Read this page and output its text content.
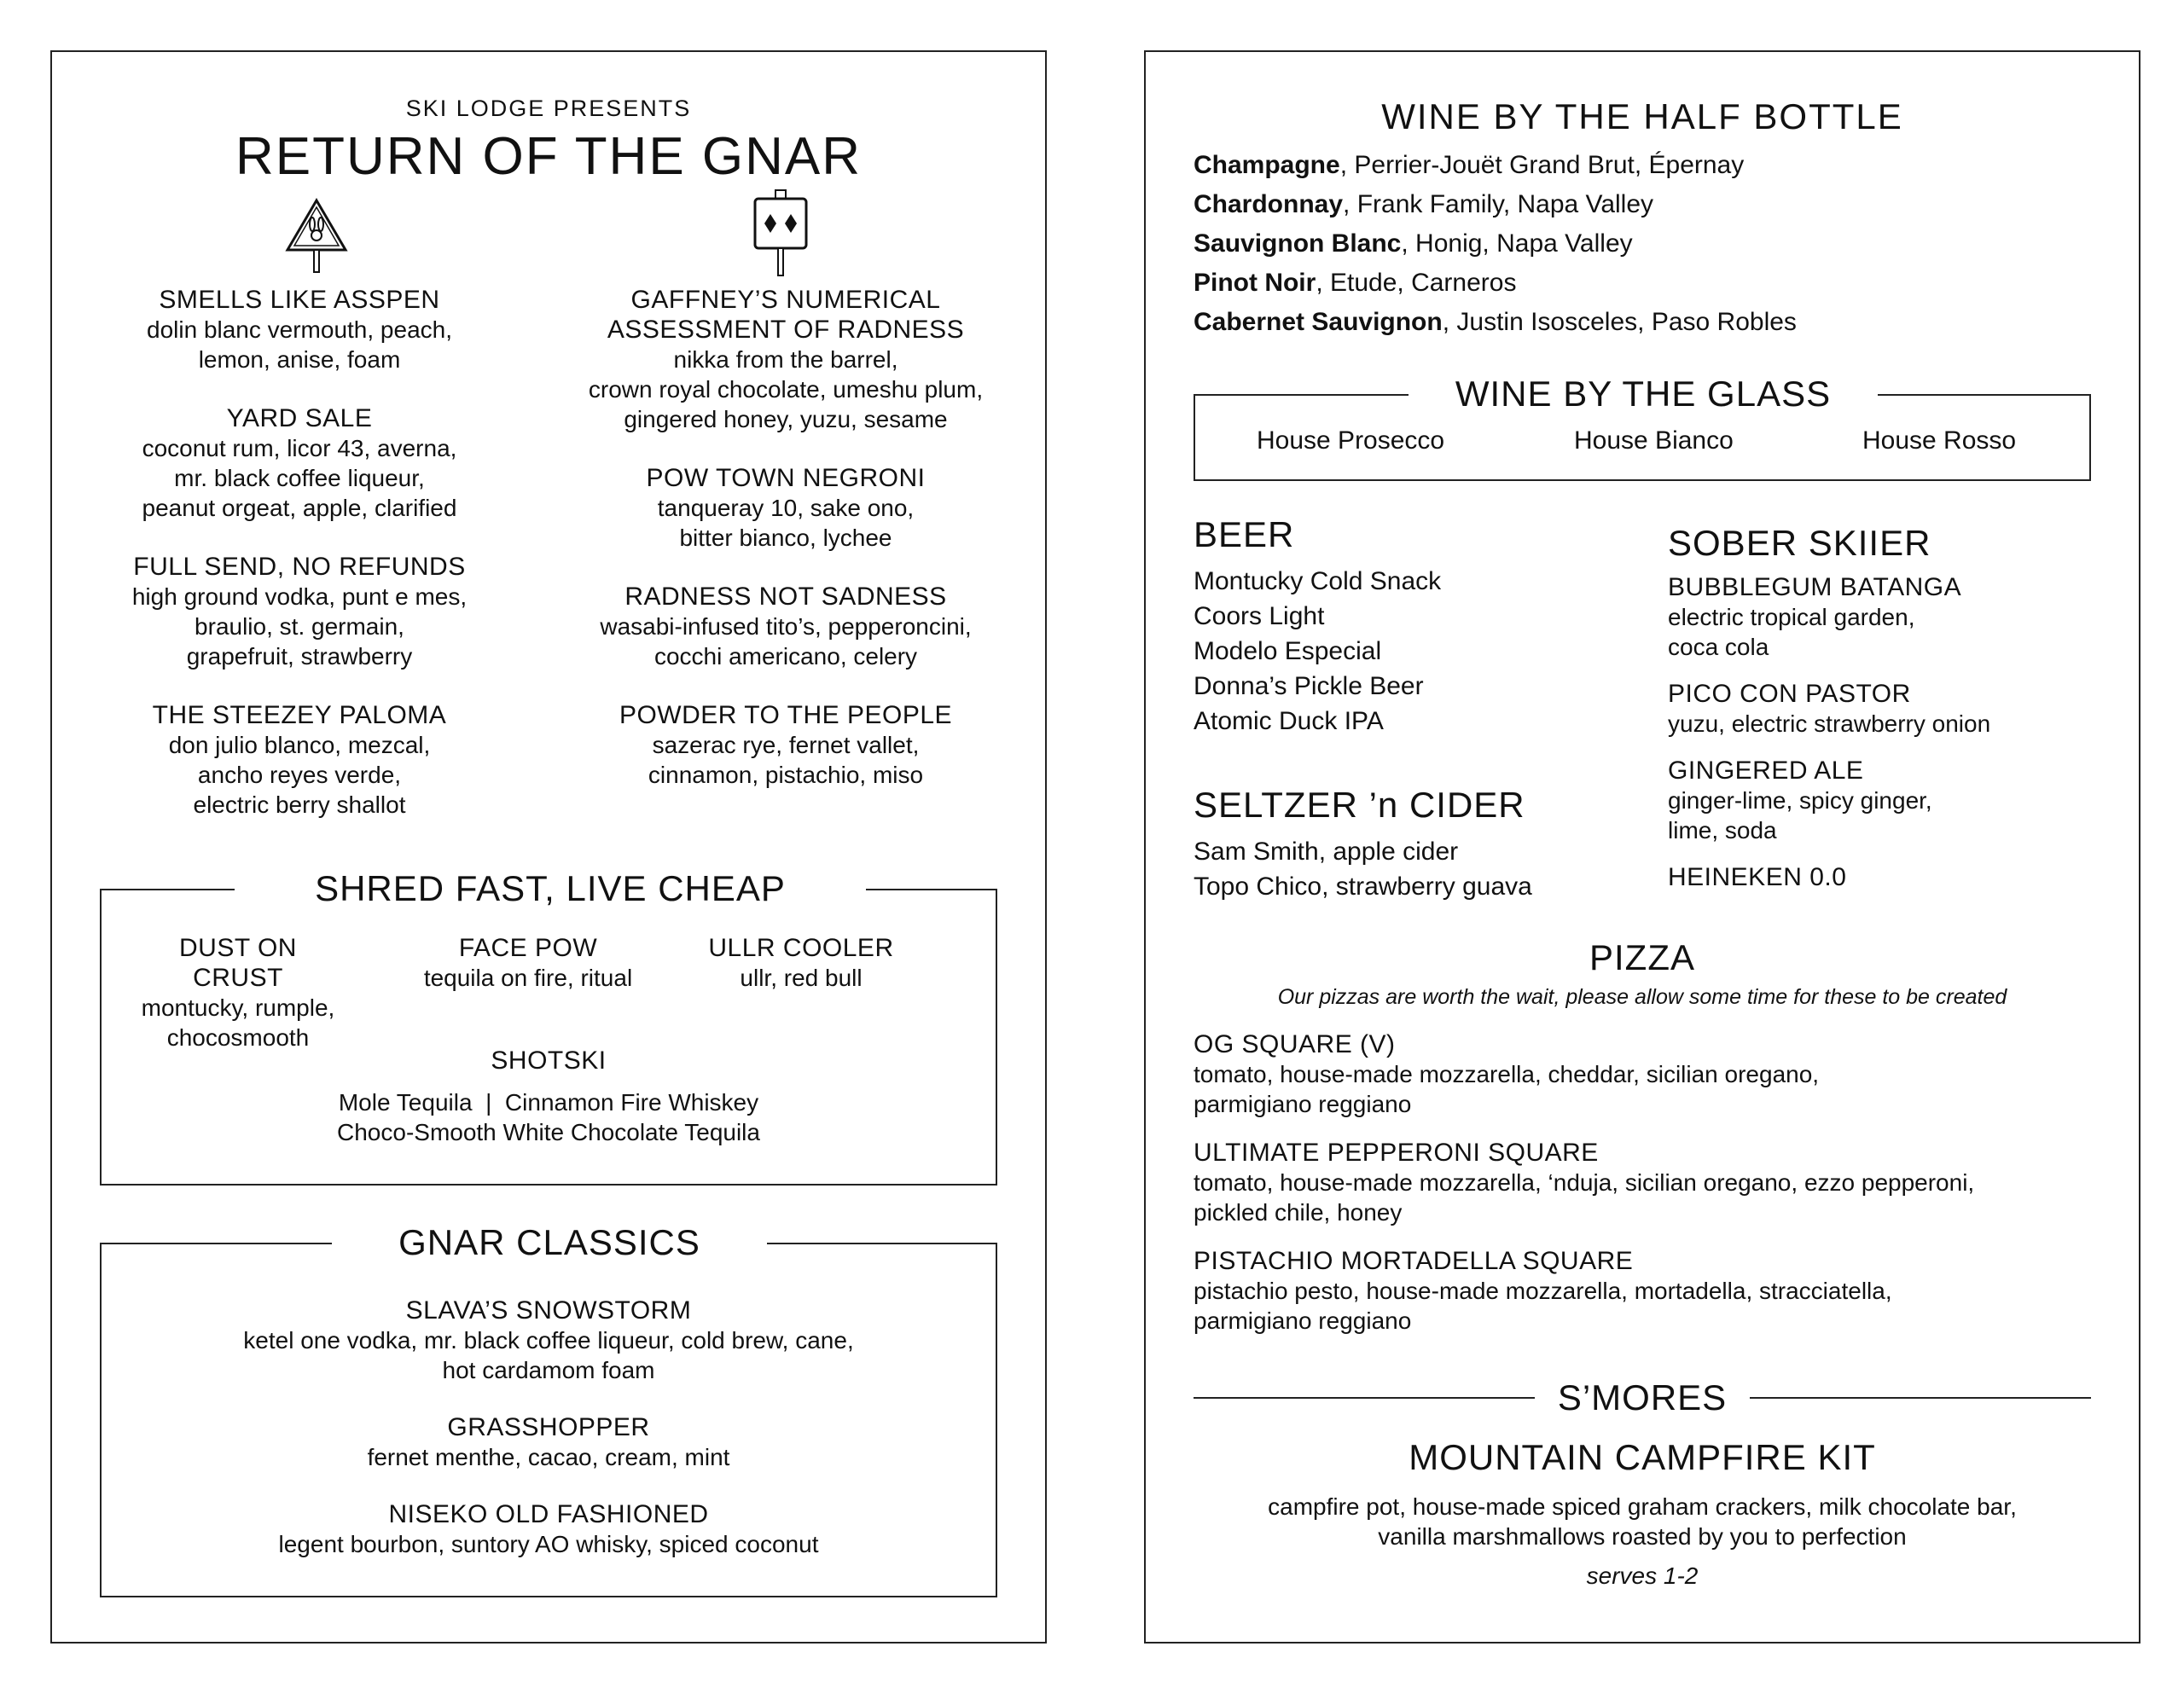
SKI LODGE PRESENTS
RETURN OF THE GNAR
SMELLS LIKE ASSPEN
dolin blanc vermouth, peach,
lemon, anise, foam
YARD SALE
coconut rum, licor 43, averna,
mr. black coffee liqueur,
peanut orgeat, apple, clarified
FULL SEND, NO REFUNDS
high ground vodka, punt e mes,
braulio, st. germain,
grapefruit, strawberry
THE STEEZEY PALOMA
don julio blanco, mezcal,
ancho reyes verde,
electric berry shallot
GAFFNEY’S NUMERICAL
ASSESSMENT OF RADNESS
nikka from the barrel,
crown royal chocolate, umeshu plum,
gingered honey, yuzu, sesame
POW TOWN NEGRONI
tanqueray 10, sake ono,
bitter bianco, lychee
RADNESS NOT SADNESS
wasabi-infused tito’s, pepperoncini,
cocchi americano, celery
POWDER TO THE PEOPLE
sazerac rye, fernet vallet,
cinnamon, pistachio, miso
SHRED FAST, LIVE CHEAP
DUST ON CRUST
montucky, rumple,
chocosmooth
FACE POW
tequila on fire, ritual
ULLR COOLER
ullr, red bull
SHOTSKI
Mole Tequila  |  Cinnamon Fire Whiskey
Choco-Smooth White Chocolate Tequila
GNAR CLASSICS
SLAVA’S SNOWSTORM
ketel one vodka, mr. black coffee liqueur, cold brew, cane,
hot cardamom foam
GRASSHOPPER
fernet menthe, cacao, cream, mint
NISEKO OLD FASHIONED
legent bourbon, suntory AO whisky, spiced coconut
WINE BY THE HALF BOTTLE
Champagne, Perrier-Jouët Grand Brut, Épernay
Chardonnay, Frank Family, Napa Valley
Sauvignon Blanc, Honig, Napa Valley
Pinot Noir, Etude, Carneros
Cabernet Sauvignon, Justin Isosceles, Paso Robles
WINE BY THE GLASS
House Prosecco	House Bianco	House Rosso
BEER
Montucky Cold Snack
Coors Light
Modelo Especial
Donna’s Pickle Beer
Atomic Duck IPA
SELTZER ’n CIDER
Sam Smith, apple cider
Topo Chico, strawberry guava
SOBER SKIIER
BUBBLEGUM BATANGA
electric tropical garden,
coca cola
PICO CON PASTOR
yuzu, electric strawberry onion
GINGERED ALE
ginger-lime, spicy ginger,
lime, soda
HEINEKEN 0.0
PIZZA
Our pizzas are worth the wait, please allow some time for these to be created
OG SQUARE (V)
tomato, house-made mozzarella, cheddar, sicilian oregano,
parmigiano reggiano
ULTIMATE PEPPERONI SQUARE
tomato, house-made mozzarella, ‘nduja, sicilian oregano, ezzo pepperoni,
pickled chile, honey
PISTACHIO MORTADELLA SQUARE
pistachio pesto, house-made mozzarella, mortadella, stracciatella,
parmigiano reggiano
S’MORES
MOUNTAIN CAMPFIRE KIT
campfire pot, house-made spiced graham crackers, milk chocolate bar,
vanilla marshmallows roasted by you to perfection
serves 1-2
